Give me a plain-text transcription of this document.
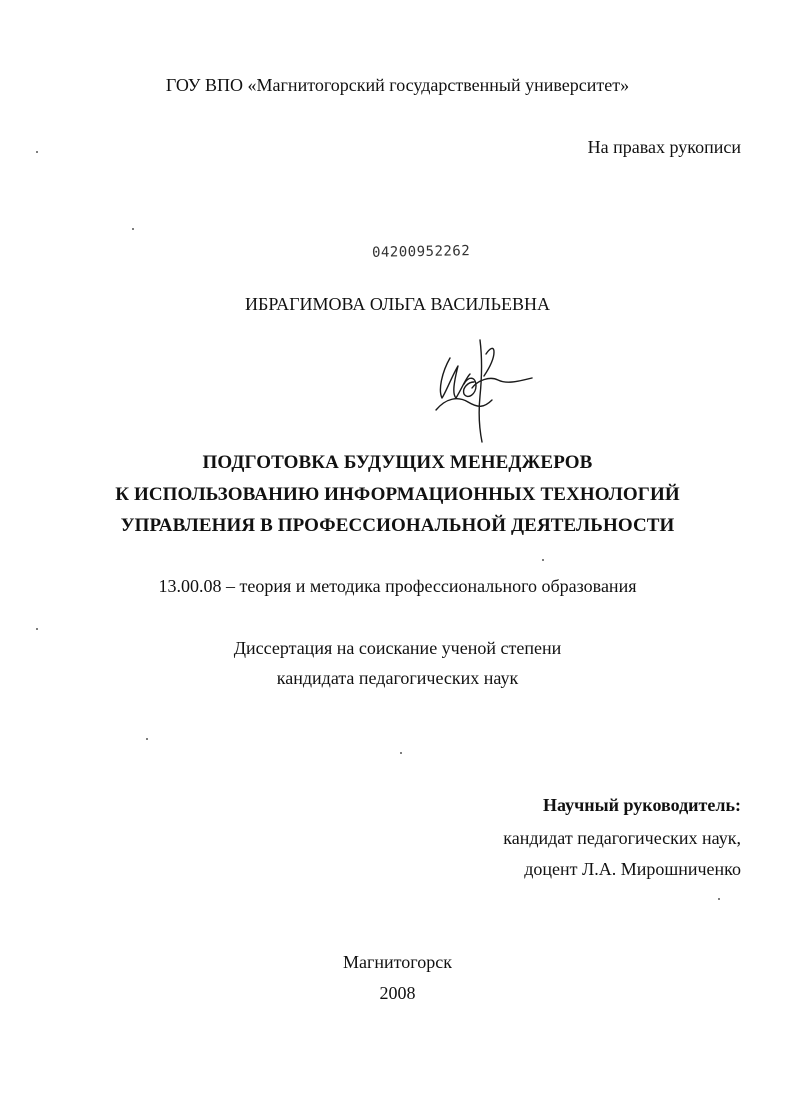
ГОУ ВПО «Магнитогорский государственный университет»
На правах рукописи
04200952262
ИБРАГИМОВА ОЛЬГА ВАСИЛЬЕВНА
ПОДГОТОВКА БУДУЩИХ МЕНЕДЖЕРОВ
К ИСПОЛЬЗОВАНИЮ ИНФОРМАЦИОННЫХ ТЕХНОЛОГИЙ
УПРАВЛЕНИЯ В ПРОФЕССИОНАЛЬНОЙ ДЕЯТЕЛЬНОСТИ
13.00.08 – теория и методика профессионального образования
Диссертация на соискание ученой степени
кандидата педагогических наук
Научный руководитель:
кандидат педагогических наук,
доцент Л.А. Мирошниченко
Магнитогорск
2008
